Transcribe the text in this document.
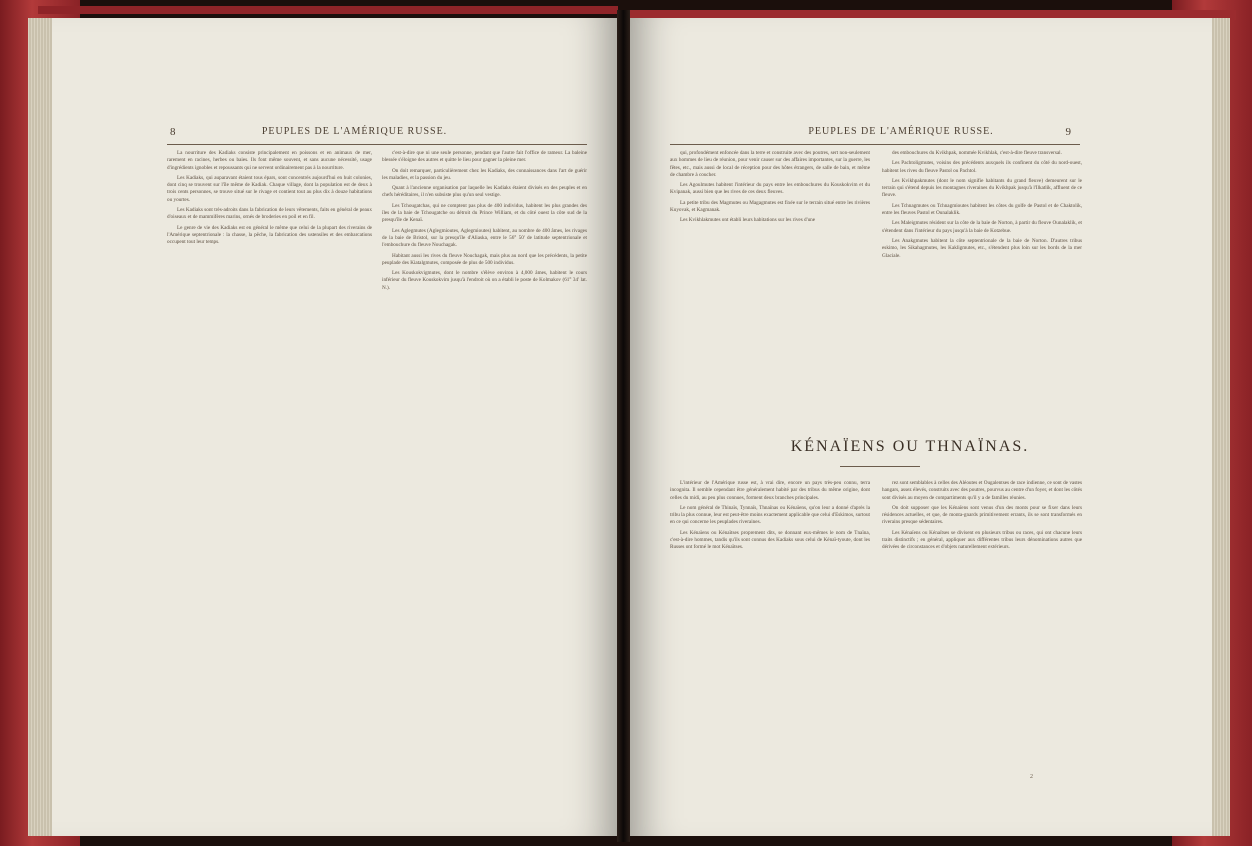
8	PEUPLES DE L'AMÉRIQUE RUSSE.

La nourriture des Kadiaks consiste principalement en poissons et en animaux de mer, rarement en racines, herbes ou baies. Ils font même souvent, et sans aucune nécessité, usage d'ingrédients ignobles et repoussants qui ne servent ordinairement pas à la nourriture.

Les Kadiaks, qui auparavant étaient tous épars, sont concentrés aujourd'hui en huit colonies, dont cinq se trouvent sur l'île même de Kadiak. Chaque village, dont la population est de deux à trois cents personnes, se trouve situé sur le rivage et contient tout au plus dix à douze habitations ou yourtes.

Les Kadiaks sont très-adroits dans la fabrication de leurs vêtements, faits en général de peaux d'oiseaux et de mammifères marins, ornés de broderies en poil et en fil.

Le genre de vie des Kadiaks est en général le même que celui de la plupart des riverains de l'Amérique septentrionale : la chasse, la pêche, la fabrication des ustensiles et des embarcations occupent tout leur temps.

c'est-à-dire que ni une seule personne, pendant que l'autre fait l'office de rameur. La baleine blessée s'éloigne des autres et quitte le lieu pour gagner la pleine mer.

On doit remarquer, particulièrement chez les Kadiaks, des connaissances dans l'art de guérir les maladies, et la passion du jeu.

Quant à l'ancienne organisation par laquelle les Kadiaks étaient divisés en des peuples et en chefs héréditaires, il n'en subsiste plus qu'un seul vestige.

Les Tchougatchas, qui ne comptent pas plus de 400 individus, habitent les plus grandes des îles de la baie de Tchougatche ou détroit du Prince William, et du côté ouest la côte sud de la presqu'île de Kenaï.

Les Aglegmutes (Aglegmioutes, Aglegmioutes) habitent, au nombre de 400 âmes, les rivages de la baie de Bristol, sur la presqu'île d'Aliaska, entre le 56° 50' de latitude septentrionale et l'embouchure du fleuve Nouchagak.

Habitant aussi les rives du fleuve Nouchagak, mais plus au nord que les précédents, la petite peuplade des Kiatalgmutes, composée de plus de 500 individus.

Les Kouskokvigmutes, dont le nombre s'élève environ à 4,000 âmes, habitent le cours inférieur du fleuve Kouskokvim jusqu'à l'endroit où on a établi le poste de Kolmakov (61° 34' lat. N.).

PEUPLES DE L'AMÉRIQUE RUSSE.	9

qui, profondément enfoncée dans la terre et construite avec des poutres, sert non-seulement aux hommes de lieu de réunion, pour venir causer sur des affaires importantes, sur la guerre, les fêtes, etc., mais aussi de local de réception pour des hôtes étrangers, de salle de bain, et même de chambre à coucher.

Les Agoulmutes habitent l'intérieur du pays entre les embouchures du Kouskokvim et du Kvipanak, aussi bien que les rives de ces deux fleuves.

La petite tribu des Magmutes ou Magagmutes est fixée sur le terrain situé entre les rivières Kuyovak, et Kagmanak.

Les Kvikhlakmutes ont établi leurs habitations sur les rives d'une

des embouchures du Kvikhpak, nommée Kvikhlak, c'est-à-dire fleuve transversal.

Les Pachtoligmutes, voisins des précédents auxquels ils confinent du côté du nord-ouest, habitent les rives du fleuve Pastol ou Pachtol.

Les Kvikhpakmutes (dont le nom signifie habitants du grand fleuve) demeurent sur le terrain qui s'étend depuis les montagnes riveraines du Kvikhpak jusqu'à l'Ilkatlik, affluent de ce fleuve.

Les Tchnagmutes ou Tchnagmioutes habitent les côtes du golfe de Pastol et de Chaktolik, entre les fleuves Pastol et Ounalaklik.

Les Maleigmutes résident sur la côte de la baie de Norton, à partir du fleuve Ounalaklik, et s'étendent dans l'intérieur du pays jusqu'à la baie de Kotzebue.

Les Anakgmutes habitent la côte septentrionale de la baie de Norton. D'autres tribus eskimo, les Sikahagmutes, les Kakligmutes, etc., s'étendent plus loin sur les bords de la mer Glaciale.

KÉNAÏENS OU THNAÏNAS.

L'intérieur de l'Amérique russe est, à vrai dire, encore un pays très-peu connu, terra incognita. Il semble cependant être généralement habité par des tribus du même origine, dont celles du midi, au peu plus connues, forment deux branches principales.

Le nom général de Thinaïs, Tynnaïs, Thnaïnas ou Kénaïens, qu'on leur a donné d'après la tribu la plus connue, leur est peut-être moins exactement applicable que celui d'Eskimos, surtout en ce qui concerne les peuplades riveraines.

Les Kénaïens ou Kénaïtses proprement dits, se donnant eux-mêmes le nom de Tnaïna, c'est-à-dire hommes, tandis qu'ils sont connus des Kadiaks sous celui de Kénaï-tyoute, dont les Russes ont formé le mot Kénaïtses.

rez sont semblables à celles des Aléoutes et Ougalentses de race indienne, ce sont de vastes hangars, assez élevés, construits avec des poutres, pourvus au centre d'un foyer, et dont les côtés sont divisés au moyen de compartiments qu'il y a de familles réunies.

On doit supposer que les Kénaïens sont venus d'un des monts pour se fixer dans leurs résidences actuelles, et que, de monta-gnards primitivement errants, ils se sont transformés en riverains presque sédentaires.

Les Kénaïens ou Kénaïtses se divisent en plusieurs tribus ou races, qui ont chacune leurs traits distinctifs ; en général, appliquer aux différentes tribus leurs dénominations autres que dérivées de circonstances et d'objets naturellement extérieurs.

2
